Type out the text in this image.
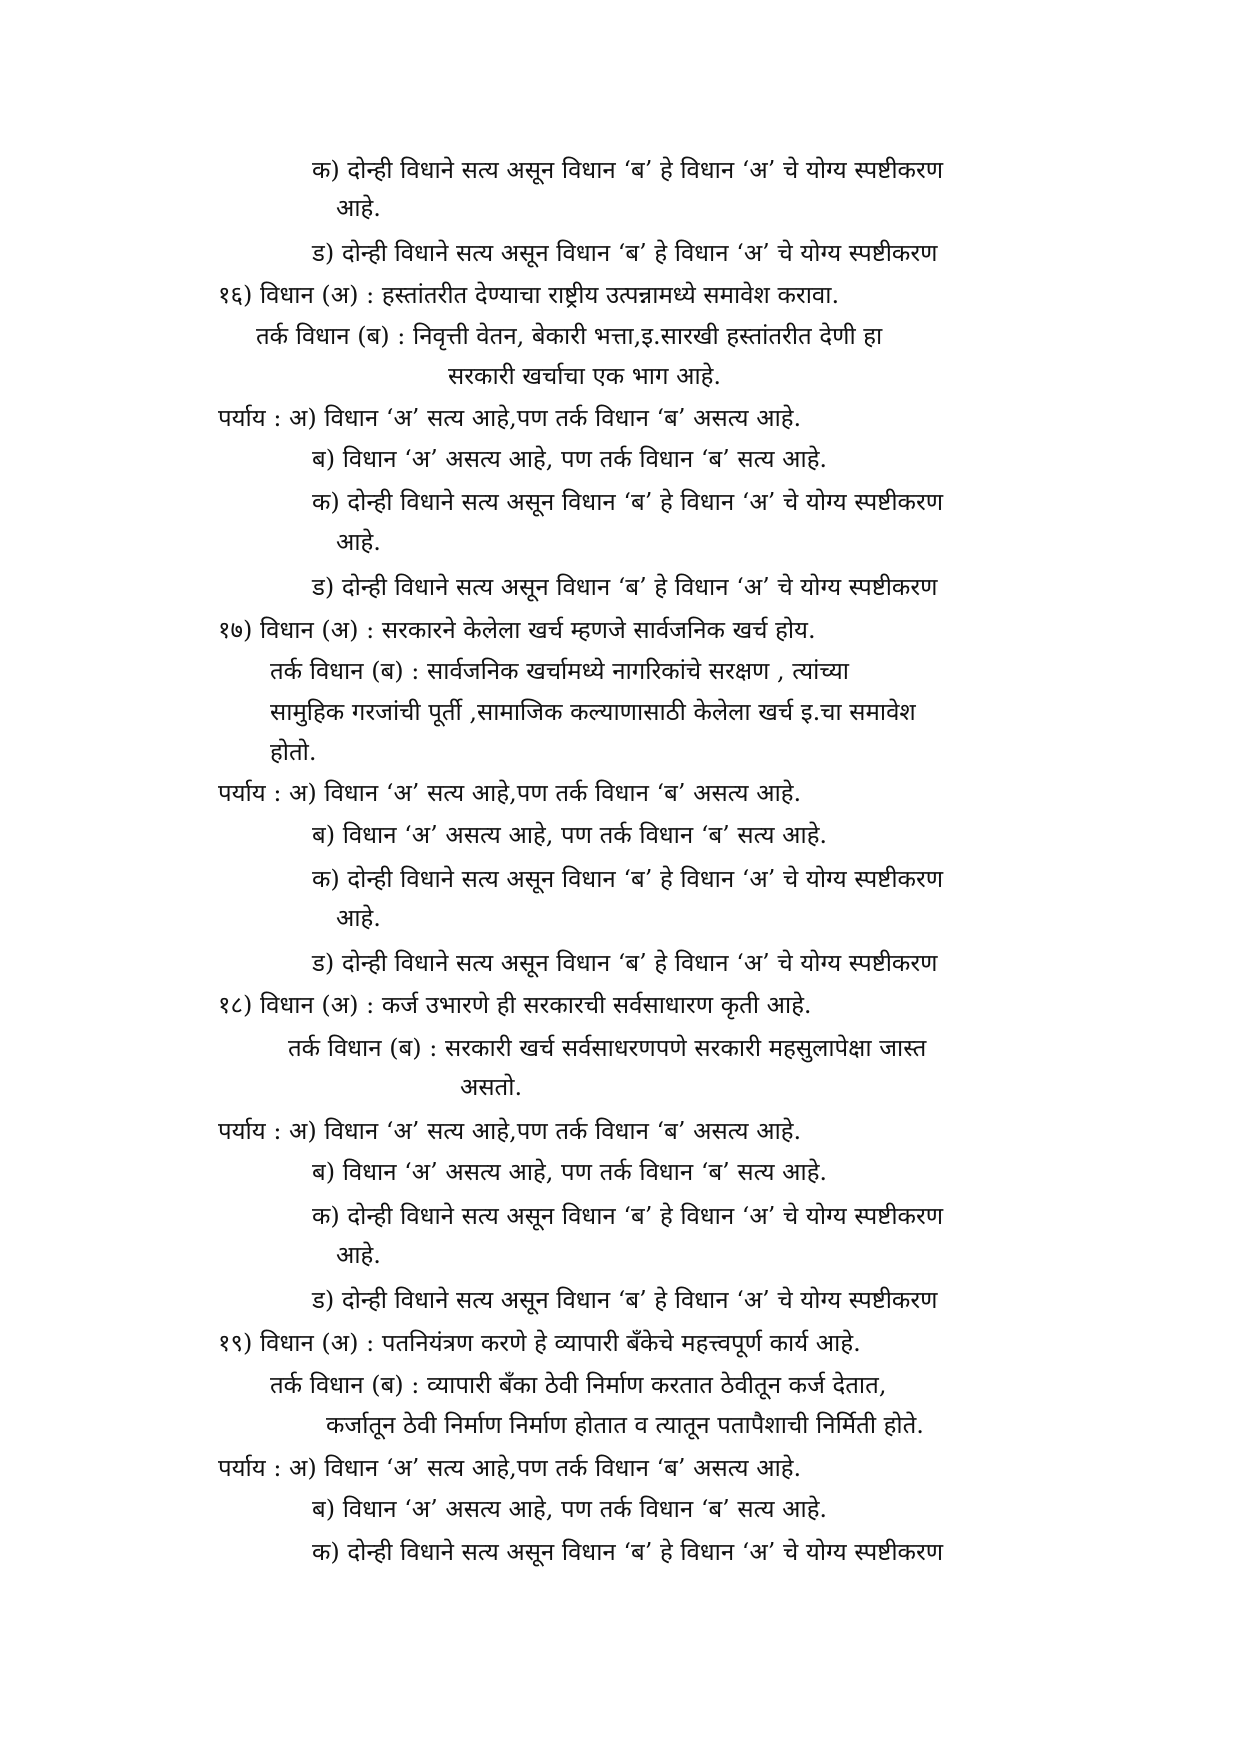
क) दोन्ही विधाने सत्य असून विधान ‘ब’ हे विधान ‘अ’ चे योग्य स्पष्टीकरण
आहे.
ड) दोन्ही विधाने सत्य असून विधान ‘ब’ हे विधान ‘अ’ चे योग्य स्पष्टीकरण
१६) विधान (अ) : हस्तांतरीत देण्याचा राष्ट्रीय उत्पन्नामध्ये समावेश करावा.
तर्क विधान (ब) : निवृत्ती वेतन, बेकारी भत्ता,इ.सारखी हस्तांतरीत देणी हा
सरकारी खर्चाचा एक भाग आहे.
पर्याय : अ) विधान ‘अ’ सत्य आहे,पण तर्क विधान ‘ब’ असत्य आहे.
ब) विधान ‘अ’ असत्य आहे, पण तर्क विधान ‘ब’ सत्य आहे.
क) दोन्ही विधाने सत्य असून विधान ‘ब’ हे विधान ‘अ’ चे योग्य स्पष्टीकरण
आहे.
ड) दोन्ही विधाने सत्य असून विधान ‘ब’ हे विधान ‘अ’ चे योग्य स्पष्टीकरण
१७) विधान (अ) : सरकारने केलेला खर्च म्हणजे सार्वजनिक खर्च होय.
तर्क विधान (ब) : सार्वजनिक खर्चामध्ये नागरिकांचे सरक्षण , त्यांच्या
सामुहिक गरजांची पूर्ती ,सामाजिक कल्याणासाठी केलेला खर्च इ.चा समावेश
होतो.
पर्याय : अ) विधान ‘अ’ सत्य आहे,पण तर्क विधान ‘ब’ असत्य आहे.
ब) विधान ‘अ’ असत्य आहे, पण तर्क विधान ‘ब’ सत्य आहे.
क) दोन्ही विधाने सत्य असून विधान ‘ब’ हे विधान ‘अ’ चे योग्य स्पष्टीकरण
आहे.
ड) दोन्ही विधाने सत्य असून विधान ‘ब’ हे विधान ‘अ’ चे योग्य स्पष्टीकरण
१८) विधान (अ) : कर्ज उभारणे ही सरकारची सर्वसाधारण कृती आहे.
तर्क विधान (ब) : सरकारी खर्च सर्वसाधरणपणे सरकारी महसुलापेक्षा जास्त
असतो.
पर्याय : अ) विधान ‘अ’ सत्य आहे,पण तर्क विधान ‘ब’ असत्य आहे.
ब) विधान ‘अ’ असत्य आहे, पण तर्क विधान ‘ब’ सत्य आहे.
क) दोन्ही विधाने सत्य असून विधान ‘ब’ हे विधान ‘अ’ चे योग्य स्पष्टीकरण
आहे.
ड) दोन्ही विधाने सत्य असून विधान ‘ब’ हे विधान ‘अ’ चे योग्य स्पष्टीकरण
१९) विधान (अ) : पतनियंत्रण करणे हे व्यापारी बँकेचे महत्त्वपूर्ण कार्य आहे.
तर्क विधान (ब) : व्यापारी बँका ठेवी निर्माण करतात ठेवीतून कर्ज देतात,
कर्जातून ठेवी निर्माण निर्माण होतात व त्यातून पतापैशाची निर्मिती होते.
पर्याय : अ) विधान ‘अ’ सत्य आहे,पण तर्क विधान ‘ब’ असत्य आहे.
ब) विधान ‘अ’ असत्य आहे, पण तर्क विधान ‘ब’ सत्य आहे.
क) दोन्ही विधाने सत्य असून विधान ‘ब’ हे विधान ‘अ’ चे योग्य स्पष्टीकरण
